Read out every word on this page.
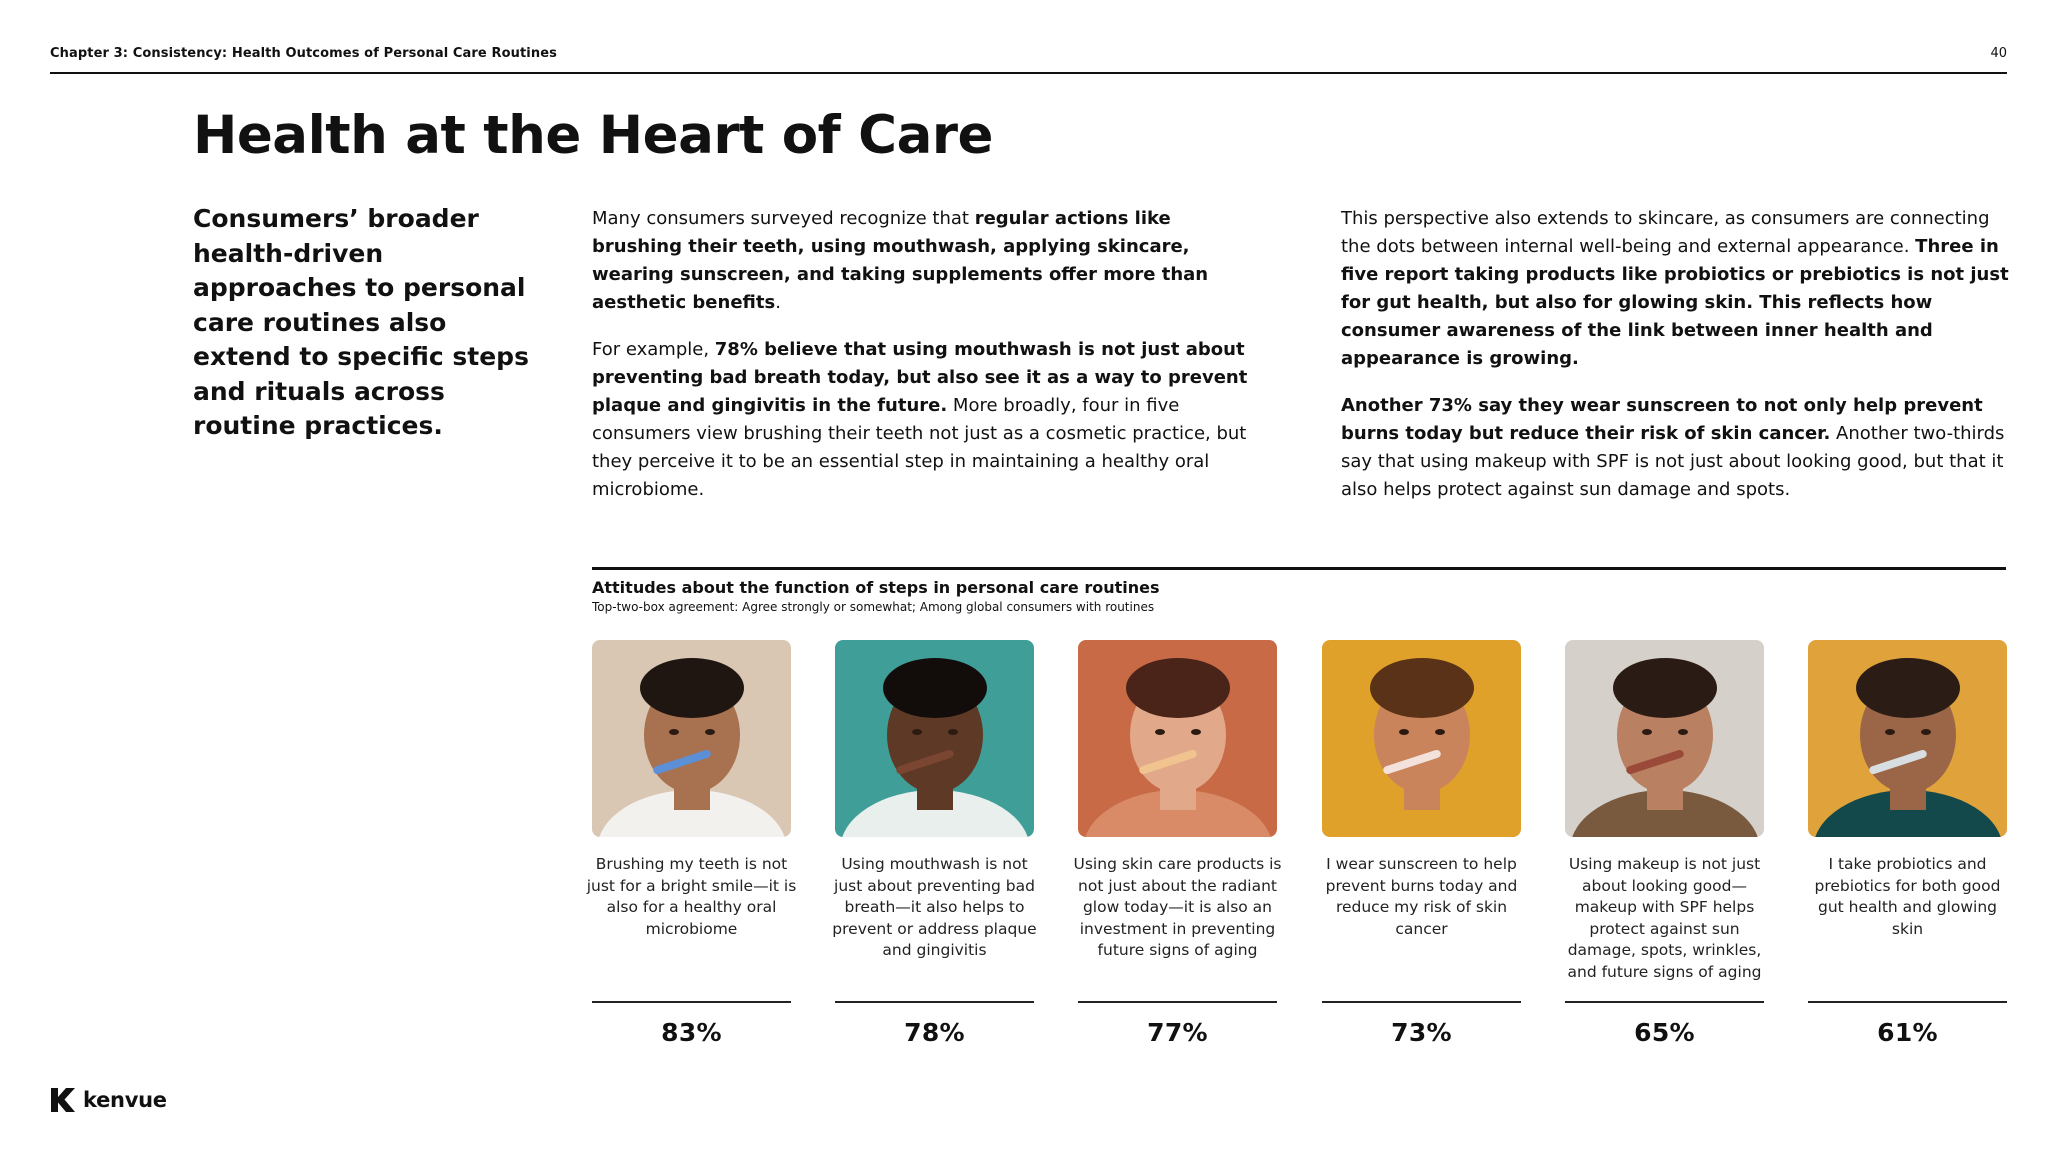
Chapter 3: Consistency: Health Outcomes of Personal Care Routines	40
Health at the Heart of Care
Consumers’ broader health-driven approaches to personal care routines also extend to specific steps and rituals across routine practices.

Many consumers surveyed recognize that regular actions like brushing their teeth, using mouthwash, applying skincare, wearing sunscreen, and taking supplements offer more than aesthetic benefits.

For example, 78% believe that using mouthwash is not just about preventing bad breath today, but also see it as a way to prevent plaque and gingivitis in the future. More broadly, four in five consumers view brushing their teeth not just as a cosmetic practice, but they perceive it to be an essential step in maintaining a healthy oral microbiome.

This perspective also extends to skincare, as consumers are connecting the dots between internal well-being and external appearance. Three in five report taking products like probiotics or prebiotics is not just for gut health, but also for glowing skin. This reflects how consumer awareness of the link between inner health and appearance is growing.

Another 73% say they wear sunscreen to not only help prevent burns today but reduce their risk of skin cancer. Another two-thirds say that using makeup with SPF is not just about looking good, but that it also helps protect against sun damage and spots.

Attitudes about the function of steps in personal care routines
Top-two-box agreement: Agree strongly or somewhat; Among global consumers with routines
Brushing my teeth is not just for a bright smile—it is also for a healthy oral microbiome
83%
Using mouthwash is not just about preventing bad breath—it also helps to prevent or address plaque and gingivitis
78%
Using skin care products is not just about the radiant glow today—it is also an investment in preventing future signs of aging
77%
I wear sunscreen to help prevent burns today and reduce my risk of skin cancer
73%
Using makeup is not just about looking good—makeup with SPF helps protect against sun damage, spots, wrinkles, and future signs of aging
65%
I take probiotics and prebiotics for both good gut health and glowing skin
61%
kenvue
